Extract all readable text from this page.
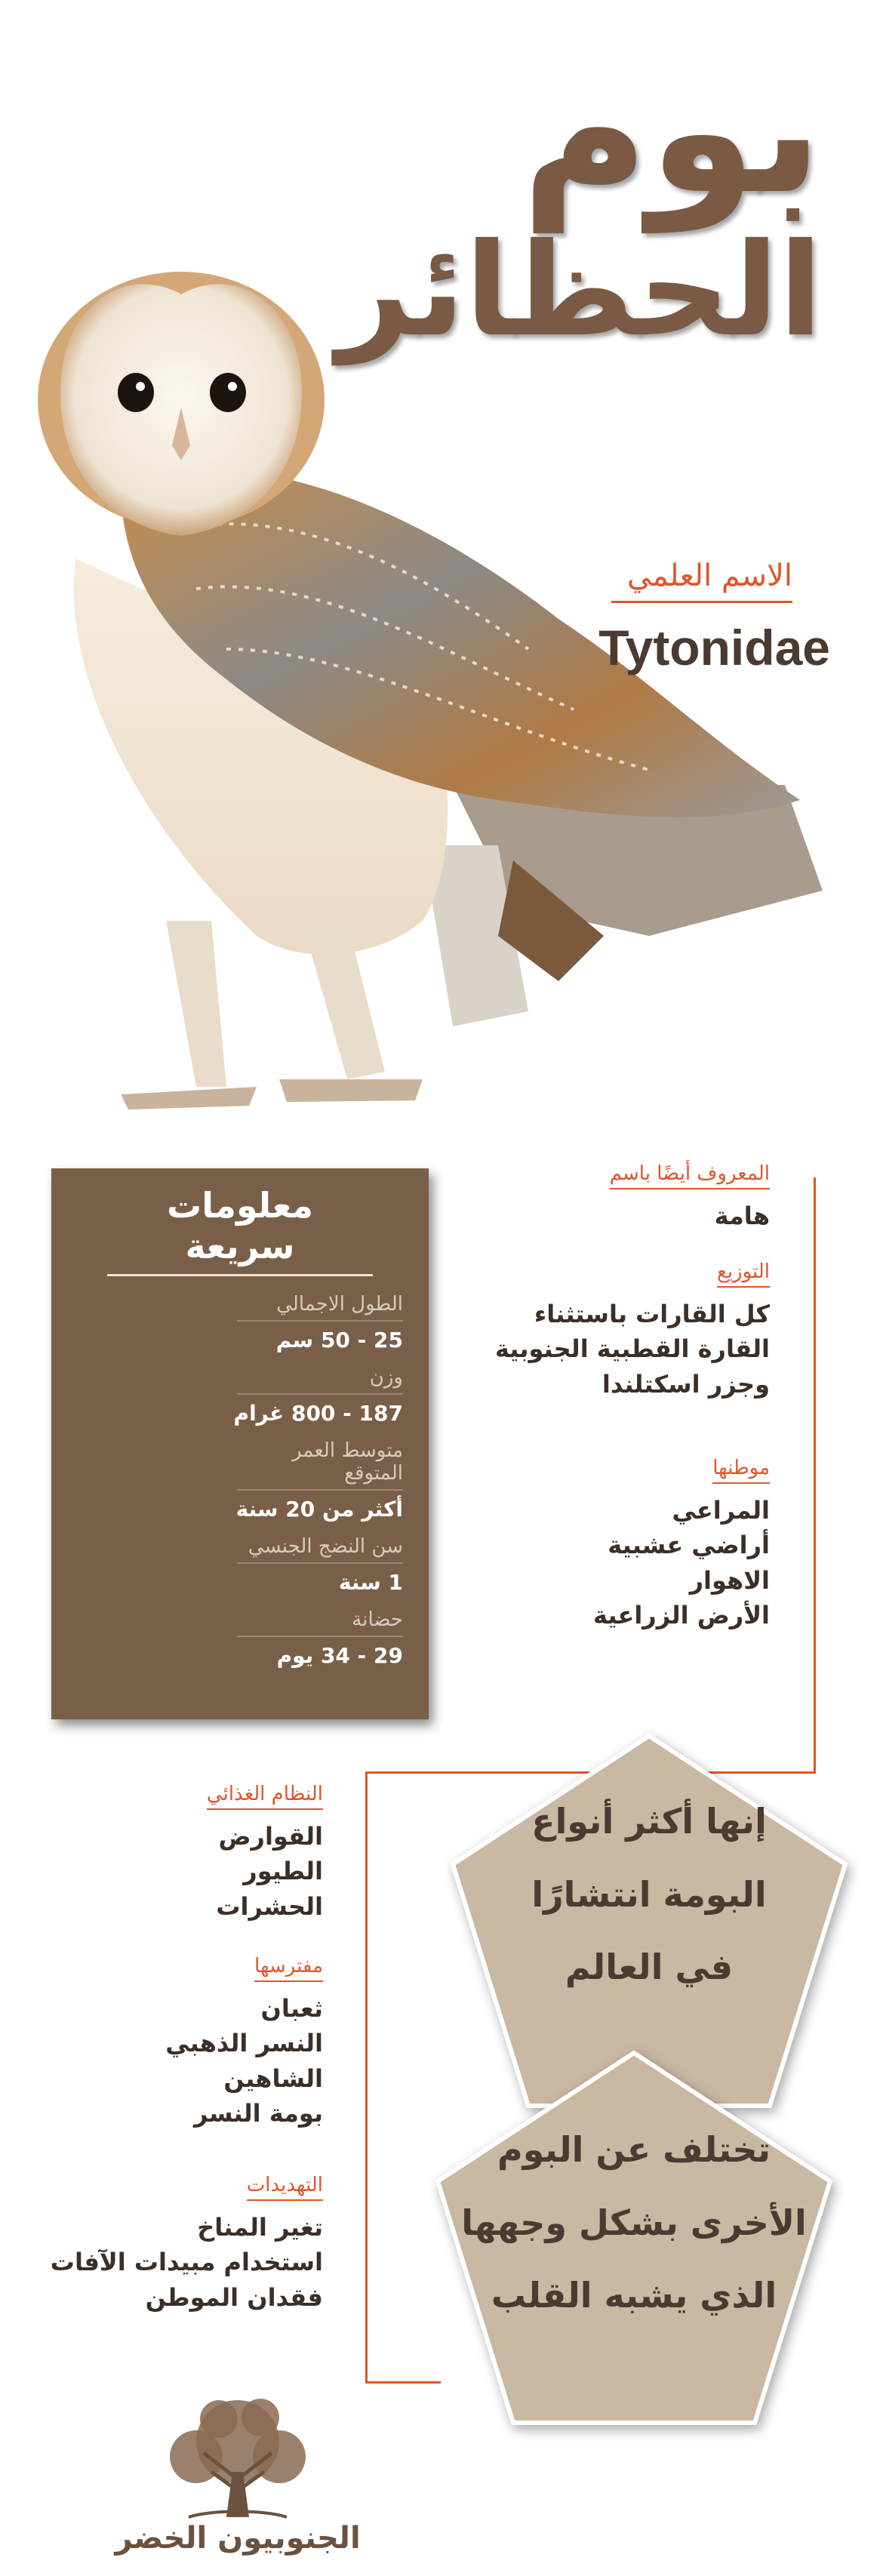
بوم
الحظائر
الاسم العلمي
Tytonidae
معلومات سريعة
الطول الاجمالي
25 - 50 سم
وزن
187 - 800 غرام
متوسط العمر المتوقع
أكثر من 20 سنة
سن النضج الجنسي
1 سنة
حضانة
29 - 34 يوم
المعروف أيضًا باسم
هامة
التوزيع
كل القارات باستثناء
القارة القطبية الجنوبية
وجزر اسكتلندا
موطنها
المراعي
أراضي عشبية
الاهوار
الأرض الزراعية
النظام الغذائي
القوارض
الطيور
الحشرات
مفترسها
ثعبان
النسر الذهبي
الشاهين
بومة النسر
التهديدات
تغير المناخ
استخدام مبيدات الآفات
فقدان الموطن
إنها أكثر أنواع
البومة انتشارًا
في العالم
تختلف عن البوم
الأخرى بشكل وجهها
الذي يشبه القلب
الجنوبيون الخضر
